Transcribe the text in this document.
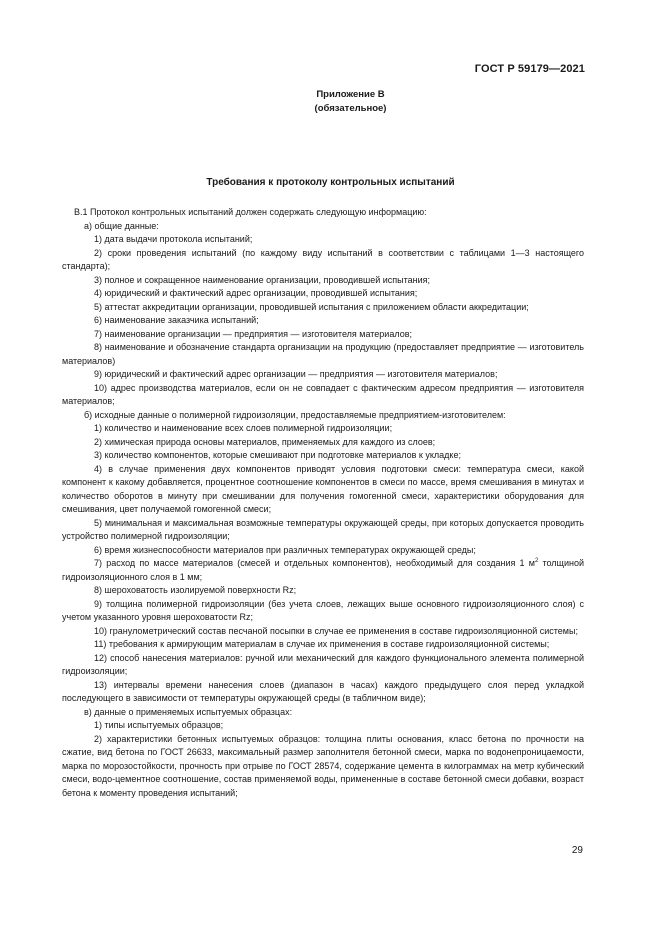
ГОСТ Р 59179—2021
Приложение В
(обязательное)
Требования к протоколу контрольных испытаний

В.1 Протокол контрольных испытаний должен содержать следующую информацию:

а) общие данные:

1) дата выдачи протокола испытаний;

2) сроки проведения испытаний (по каждому виду испытаний в соответствии с таблицами 1—3 настоящего стандарта);

3) полное и сокращенное наименование организации, проводившей испытания;

4) юридический и фактический адрес организации, проводившей испытания;

5) аттестат аккредитации организации, проводившей испытания с приложением области аккредитации;

6) наименование заказчика испытаний;

7) наименование организации — предприятия — изготовителя материалов;

8) наименование и обозначение стандарта организации на продукцию (предоставляет предприятие — изготовитель материалов)

9) юридический и фактический адрес организации — предприятия — изготовителя материалов;

10) адрес производства материалов, если он не совпадает с фактическим адресом предприятия — изготовителя материалов;

б) исходные данные о полимерной гидроизоляции, предоставляемые предприятием-изготовителем:

1) количество и наименование всех слоев полимерной гидроизоляции;

2) химическая природа основы материалов, применяемых для каждого из слоев;

3) количество компонентов, которые смешивают при подготовке материалов к укладке;

4) в случае применения двух компонентов приводят условия подготовки смеси: температура смеси, какой компонент к какому добавляется, процентное соотношение компонентов в смеси по массе, время смешивания в минутах и количество оборотов в минуту при смешивании для получения гомогенной смеси, характеристики оборудования для смешивания, цвет получаемой гомогенной смеси;

5) минимальная и максимальная возможные температуры окружающей среды, при которых допускается проводить устройство полимерной гидроизоляции;

6) время жизнеспособности материалов при различных температурах окружающей среды;

7) расход по массе материалов (смесей и отдельных компонентов), необходимый для создания 1 $м^2$ толщиной гидроизоляционного слоя в 1 мм;

8) шероховатость изолируемой поверхности Rz;

9) толщина полимерной гидроизоляции (без учета слоев, лежащих выше основного гидроизоляционного слоя) с учетом указанного уровня шероховатости Rz;

10) гранулометрический состав песчаной посыпки в случае ее применения в составе гидроизоляционной системы;

11) требования к армирующим материалам в случае их применения в составе гидроизоляционной системы;

12) способ нанесения материалов: ручной или механический для каждого функционального элемента полимерной гидроизоляции;

13) интервалы времени нанесения слоев (диапазон в часах) каждого предыдущего слоя перед укладкой последующего в зависимости от температуры окружающей среды (в табличном виде);

в) данные о применяемых испытуемых образцах:

1) типы испытуемых образцов;

2) характеристики бетонных испытуемых образцов: толщина плиты основания, класс бетона по прочности на сжатие, вид бетона по ГОСТ 26633, максимальный размер заполнителя бетонной смеси, марка по водонепроницаемости, марка по морозостойкости, прочность при отрыве по ГОСТ 28574, содержание цемента в килограммах на метр кубический смеси, водо-цементное соотношение, состав применяемой воды, примененные в составе бетонной смеси добавки, возраст бетона к моменту проведения испытаний;

29
